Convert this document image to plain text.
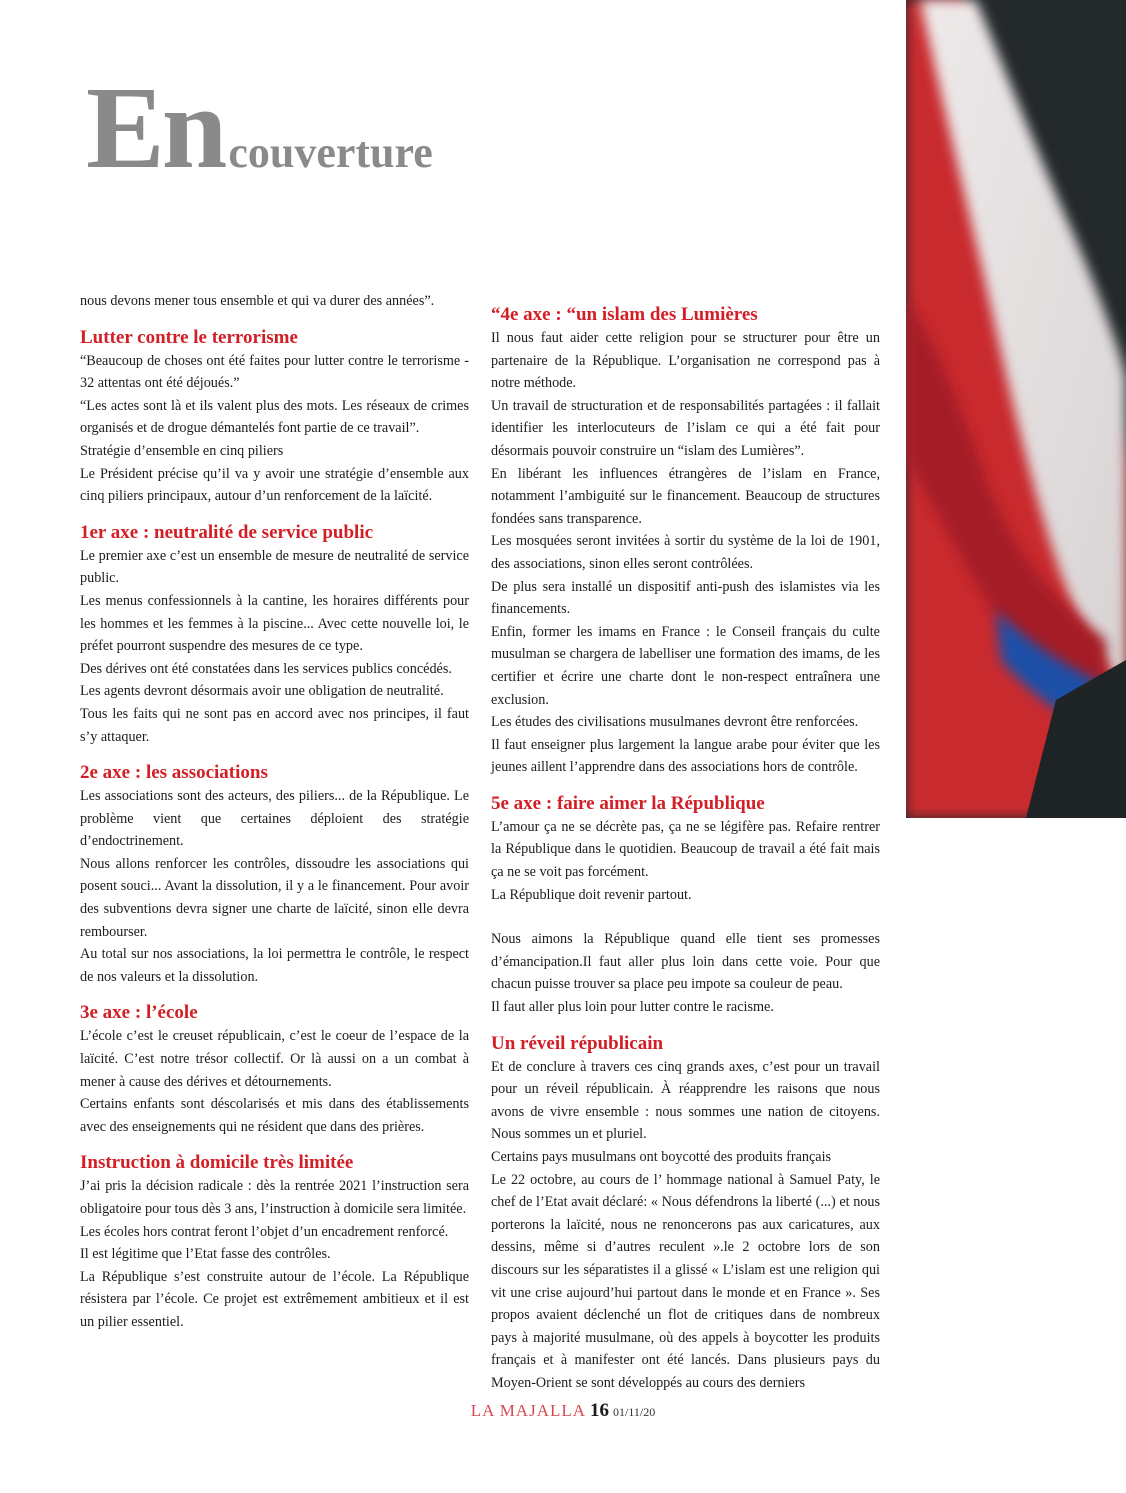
Encouverture

nous devons mener tous ensemble et qui va durer des années”.

Lutter contre le terrorisme

“Beaucoup de choses ont été faites pour lutter contre le terrorisme - 32 attentas ont été déjoués.”

“Les actes sont là et ils valent plus des mots. Les réseaux de crimes organisés et de drogue démantelés font partie de ce travail”.

Stratégie d’ensemble en cinq piliers

Le Président précise qu’il va y avoir une stratégie d’ensemble aux cinq piliers principaux, autour d’un renforcement de la laïcité.

1er axe : neutralité de service public

Le premier axe c’est un ensemble de mesure de neutralité de service public.

Les menus confessionnels à la cantine, les horaires différents pour les hommes et les femmes à la piscine... Avec cette nouvelle loi, le préfet pourront suspendre des mesures de ce type.

Des dérives ont été constatées dans les services publics concédés.

Les agents devront désormais avoir une obligation de neutralité.

Tous les faits qui ne sont pas en accord avec nos principes, il faut s’y attaquer.

2e axe : les associations

Les associations sont des acteurs, des piliers... de la République. Le problème vient que certaines déploient des stratégie d’endoctrinement.

Nous allons renforcer les contrôles, dissoudre les associations qui posent souci... Avant la dissolution, il y a le financement. Pour avoir des subventions devra signer une charte de laïcité, sinon elle devra rembourser.

Au total sur nos associations, la loi permettra le contrôle, le respect de nos valeurs et la dissolution.

3e axe : l’école

L’école c’est le creuset républicain, c’est le coeur de l’espace de la laïcité. C’est notre trésor collectif. Or là aussi on a un combat à mener à cause des dérives et détournements.

Certains enfants sont déscolarisés et mis dans des établissements avec des enseignements qui ne résident que dans des prières.

Instruction à domicile très limitée

J’ai pris la décision radicale : dès la rentrée 2021 l’instruction sera obligatoire pour tous dès 3 ans, l’instruction à domicile sera limitée.

Les écoles hors contrat feront l’objet d’un encadrement renforcé.

Il est légitime que l’Etat fasse des contrôles.

La République s’est construite autour de l’école. La République résistera par l’école. Ce projet est extrêmement ambitieux et il est un pilier essentiel.

“4e axe : “un islam des Lumières

Il nous faut aider cette religion pour se structurer pour être un partenaire de la République. L’organisation ne correspond pas à notre méthode.

Un travail de structuration et de responsabilités partagées : il fallait identifier les interlocuteurs de l’islam ce qui a été fait pour désormais pouvoir construire un “islam des Lumières”.

En libérant les influences étrangères de l’islam en France, notamment l’ambiguité sur le financement. Beaucoup de structures fondées sans transparence.

Les mosquées seront invitées à sortir du système de la loi de 1901, des associations, sinon elles seront contrôlées.

De plus sera installé un dispositif anti-push des islamistes via les financements.

Enfin, former les imams en France : le Conseil français du culte musulman se chargera de labelliser une formation des imams, de les certifier et écrire une charte dont le non-respect entraînera une exclusion.

Les études des civilisations musulmanes devront être renforcées.

Il faut enseigner plus largement la langue arabe pour éviter que les jeunes aillent l’apprendre dans des associations hors de contrôle.

5e axe : faire aimer la République

L’amour ça ne se décrète pas, ça ne se légifère pas. Refaire rentrer la République dans le quotidien. Beaucoup de travail a été fait mais ça ne se voit pas forcément.

La République doit revenir partout.

Nous aimons la République quand elle tient ses promesses d’émancipation.Il faut aller plus loin dans cette voie. Pour que chacun puisse trouver sa place peu impote sa couleur de peau.

Il faut aller plus loin pour lutter contre le racisme.

Un réveil républicain

Et de conclure à travers ces cinq grands axes, c’est pour un travail pour un réveil républicain. À réapprendre les raisons que nous avons de vivre ensemble : nous sommes une nation de citoyens. Nous sommes un et pluriel.

Certains pays musulmans ont boycotté des produits français

Le 22 octobre, au cours de l’ hommage national à Samuel Paty, le chef de l’Etat avait déclaré: « Nous défendrons la liberté (...) et nous porterons la laïcité, nous ne renoncerons pas aux caricatures, aux dessins, même si d’autres reculent ».le 2 octobre lors de son discours sur les séparatistes il a glissé « L’islam est une religion qui vit une crise aujourd’hui partout dans le monde et en France ». Ses propos avaient déclenché un flot de critiques dans de nombreux pays à majorité musulmane, où des appels à boycotter les produits français et à manifester ont été lancés. Dans plusieurs pays du Moyen-Orient se sont développés au cours des derniers

LA MAJALLA 16 01/11/20
